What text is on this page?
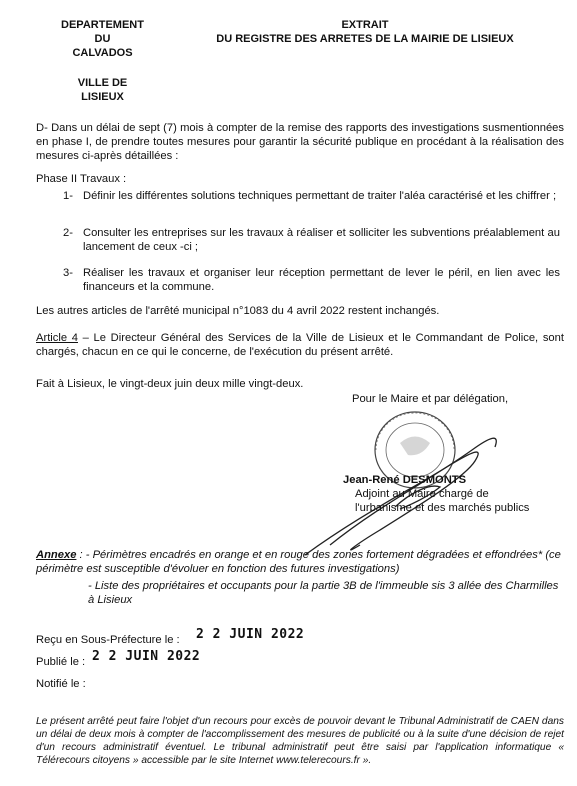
DEPARTEMENT
DU
CALVADOS
VILLE DE
LISIEUX
EXTRAIT
DU REGISTRE DES ARRETES DE LA MAIRIE DE LISIEUX
D- Dans un délai de sept (7) mois à compter de la remise des rapports des investigations susmentionnées en phase I, de prendre toutes mesures pour garantir la sécurité publique en procédant à la réalisation des mesures ci-après détaillées :
Phase II Travaux :
1- Définir les différentes solutions techniques permettant de traiter l'aléa caractérisé et les chiffrer ;
2- Consulter les entreprises sur les travaux à réaliser et solliciter les subventions préalablement au lancement de ceux -ci ;
3- Réaliser les travaux et organiser leur réception permettant de lever le péril, en lien avec les financeurs et la commune.
Les autres articles de l'arrêté municipal n°1083 du 4 avril 2022 restent inchangés.
Article 4 – Le Directeur Général des Services de la Ville de Lisieux et le Commandant de Police, sont chargés, chacun en ce qui le concerne, de l'exécution du présent arrêté.
Fait à Lisieux, le vingt-deux juin deux mille vingt-deux.
Pour le Maire et par délégation,
Jean-René DESMONTS
Adjoint au Maire chargé de
l'urbanisme et des marchés publics
Annexe : - Périmètres encadrés en orange et en rouge des zones fortement dégradées et effondrées* (ce périmètre est susceptible d'évoluer en fonction des futures investigations)
- Liste des propriétaires et occupants pour la partie 3B de l'immeuble sis 3 allée des Charmilles à Lisieux
Reçu en Sous-Préfecture le : 2 2 JUIN 2022
Publié le : 2 2 JUIN 2022
Notifié le :
Le présent arrêté peut faire l'objet d'un recours pour excès de pouvoir devant le Tribunal Administratif de CAEN dans un délai de deux mois à compter de l'accomplissement des mesures de publicité ou à la suite d'une décision de rejet d'un recours administratif éventuel. Le tribunal administratif peut être saisi par l'application informatique « Télérecours citoyens » accessible par le site Internet www.telerecours.fr ».
